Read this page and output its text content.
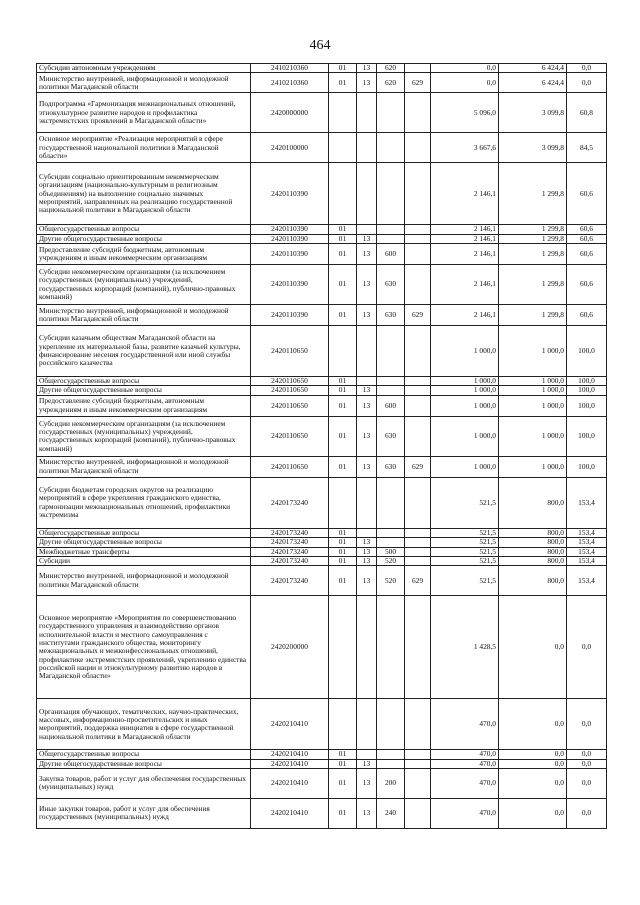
464
Субсидии автономным учреждениям	2410210360	01	13	620		0,0	6 424,4	0,0
Министерство внутренней, информационной и молодежной политики Магаданской области	2410210360	01	13	620	629	0,0	6 424,4	0,0
Подпрограмма «Гармонизация межнациональных отношений, этнокультурное развитие народов и профилактика экстремистских проявлений в Магаданской области»	2420000000					5 096,0	3 099,8	60,8
Основное мероприятие «Реализация мероприятий в сфере государственной национальной политики в Магаданской области»	2420100000					3 667,6	3 099,8	84,5
Субсидии социально ориентированным некоммерческим организациям (национально-культурным и религиозным объединениям) на выполнение социально значимых мероприятий, направленных на реализацию государственной национальной политики в Магаданской области	2420110390					2 146,1	1 299,8	60,6
Общегосударственные вопросы	2420110390	01				2 146,1	1 299,8	60,6
Другие общегосударственные вопросы	2420110390	01	13			2 146,1	1 299,8	60,6
Предоставление субсидий бюджетным, автономным учреждениям и иным некоммерческим организациям	2420110390	01	13	600		2 146,1	1 299,8	60,6
Субсидии некоммерческим организациям (за исключением государственных (муниципальных) учреждений, государственных корпораций (компаний), публично-правовых компаний)	2420110390	01	13	630		2 146,1	1 299,8	60,6
Министерство внутренней, информационной и молодежной политики Магаданской области	2420110390	01	13	630	629	2 146,1	1 299,8	60,6
Субсидии казачьим обществам Магаданской области на укрепление их материальной базы, развитие казачьей культуры, финансирование несения государственной или иной службы российского казачества	2420110650					1 000,0	1 000,0	100,0
Общегосударственные вопросы	2420110650	01				1 000,0	1 000,0	100,0
Другие общегосударственные вопросы	2420110650	01	13			1 000,0	1 000,0	100,0
Предоставление субсидий бюджетным, автономным учреждениям и иным некоммерческим организациям	2420110650	01	13	600		1 000,0	1 000,0	100,0
Субсидии некоммерческим организациям (за исключением государственных (муниципальных) учреждений, государственных корпораций (компаний), публично-правовых компаний)	2420110650	01	13	630		1 000,0	1 000,0	100,0
Министерство внутренней, информационной и молодежной политики Магаданской области	2420110650	01	13	630	629	1 000,0	1 000,0	100,0
Субсидии бюджетам городских округов на реализацию мероприятий в сфере укрепления гражданского единства, гармонизации межнациональных отношений, профилактики экстремизма	2420173240					521,5	800,0	153,4
Общегосударственные вопросы	2420173240	01				521,5	800,0	153,4
Другие общегосударственные вопросы	2420173240	01	13			521,5	800,0	153,4
Межбюджетные трансферты	2420173240	01	13	500		521,5	800,0	153,4
Субсидии	2420173240	01	13	520		521,5	800,0	153,4
Министерство внутренней, информационной и молодежной политики Магаданской области	2420173240	01	13	520	629	521,5	800,0	153,4
Основное мероприятие «Мероприятия по совершенствованию государственного управления и взаимодействию органов исполнительной власти и местного самоуправления с институтами гражданского общества, мониторингу межнациональных и межконфессиональных отношений, профилактике экстремистских проявлений, укреплению единства российской нации и этнокультурному развитию народов в Магаданской области»	2420200000					1 428,5	0,0	0,0
Организация обучающих, тематических, научно-практических, массовых, информационно-просветительских и иных мероприятий, поддержка инициатив в сфере государственной национальной политики в Магаданской области	2420210410					470,0	0,0	0,0
Общегосударственные вопросы	2420210410	01				470,0	0,0	0,0
Другие общегосударственные вопросы	2420210410	01	13			470,0	0,0	0,0
Закупка товаров, работ и услуг для обеспечения государственных (муниципальных) нужд	2420210410	01	13	200		470,0	0,0	0,0
Иные закупки товаров, работ и услуг для обеспечения государственных (муниципальных) нужд	2420210410	01	13	240		470,0	0,0	0,0
